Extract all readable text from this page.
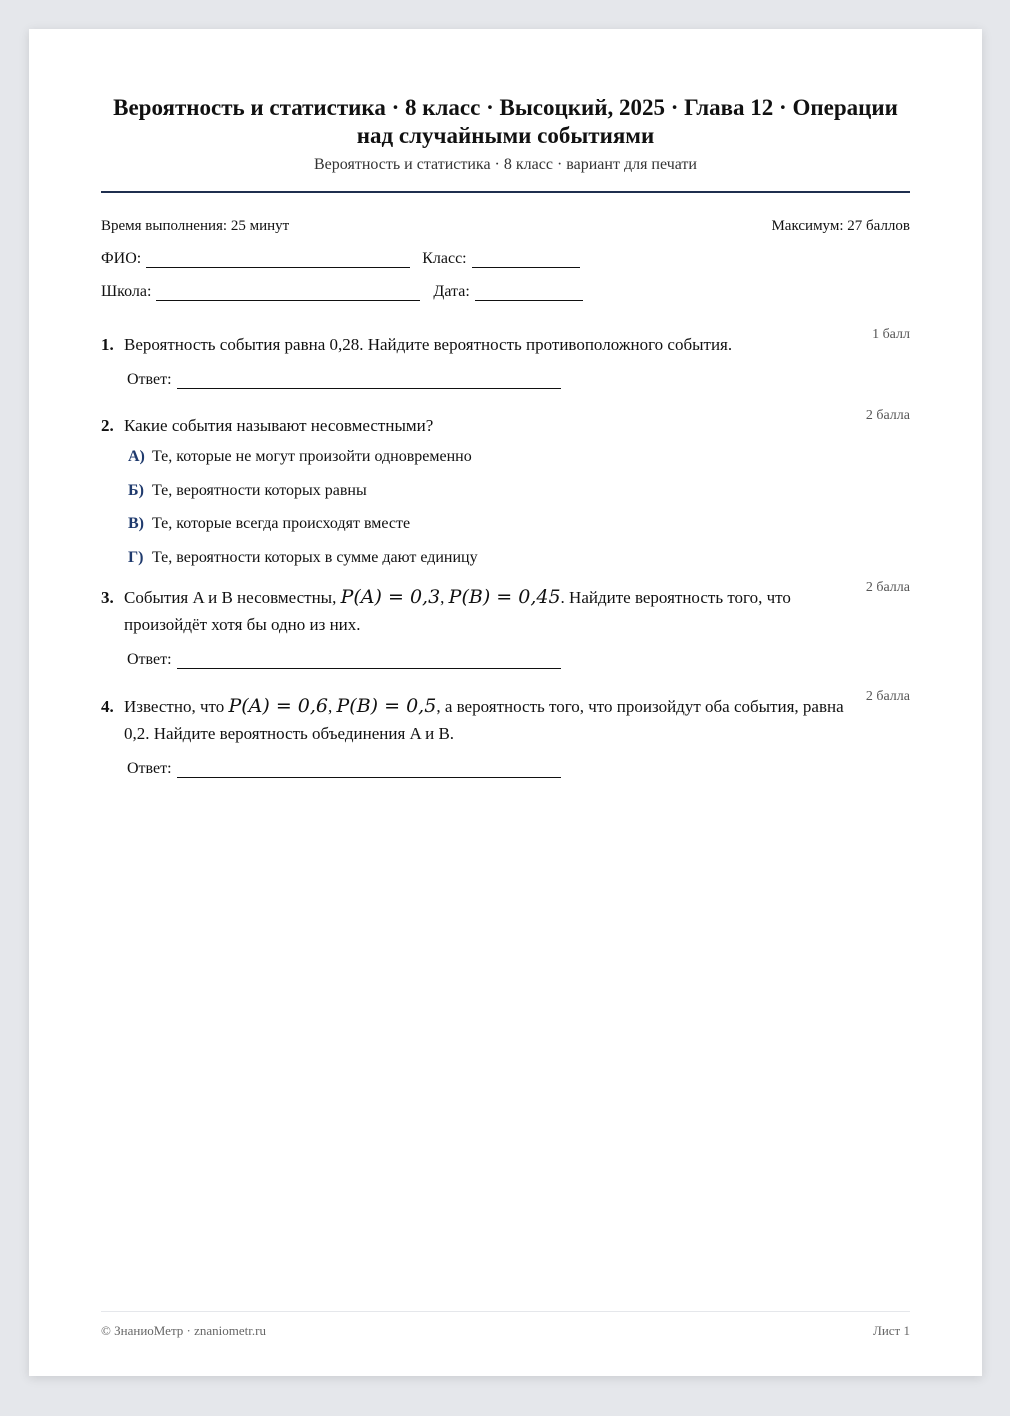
Вероятность и статистика · 8 класс · Высоцкий, 2025 · Глава 12 · Операции над случайными событиями
Вероятность и статистика · 8 класс · вариант для печати
Время выполнения: 25 минут	Максимум: 27 баллов
ФИО:	Класс:
Школа:	Дата:
1. Вероятность события равна 0,28. Найдите вероятность противоположного события.
1 балл
Ответ:
2. Какие события называют несовместными?
2 балла
А) Те, которые не могут произойти одновременно
Б) Те, вероятности которых равны
В) Те, которые всегда происходят вместе
Г) Те, вероятности которых в сумме дают единицу
3. События A и B несовместны, P(A) = 0,3, P(B) = 0,45. Найдите вероятность того, что произойдёт хотя бы одно из них.
2 балла
Ответ:
4. Известно, что P(A) = 0,6, P(B) = 0,5, а вероятность того, что произойдут оба события, равна 0,2. Найдите вероятность объединения A и B.
2 балла
Ответ:
© ЗнаниоМетр · znaniometr.ru	Лист 1
